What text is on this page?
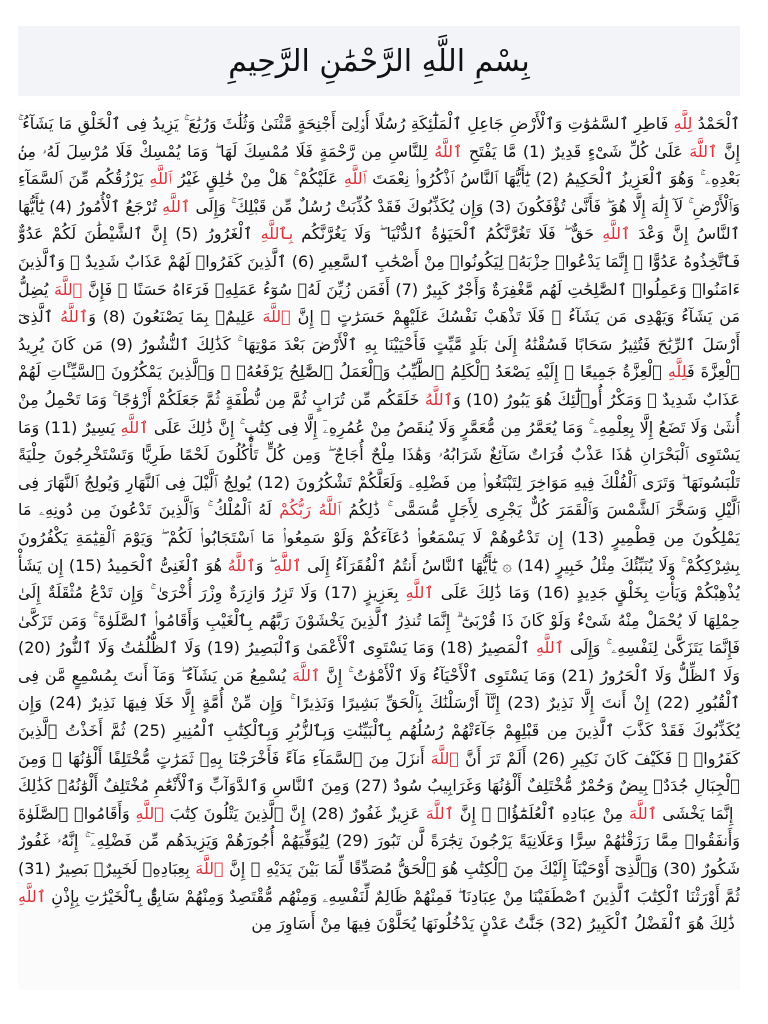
بِسْمِ اللَّهِ الرَّحْمَٰنِ الرَّحِيمِ
ٱلْحَمْدُ لِلَّهِ فَاطِرِ ٱلسَّمَٰوَٰتِ وَٱلْأَرْضِ جَاعِلِ ٱلْمَلَٰٓئِكَةِ رُسُلًا أُو۟لِىٓ أَجْنِحَةٍ مَّثْنَىٰ وَثُلَٰثَ وَرُبَٰعَ ۚ يَزِيدُ فِى ٱلْخَلْقِ مَا يَشَآءُ ۚ إِنَّ ٱللَّهَ عَلَىٰ كُلِّ شَىْءٍ قَدِيرٌ (1) مَّا يَفْتَحِ ٱللَّهُ لِلنَّاسِ مِن رَّحْمَةٍ فَلَا مُمْسِكَ لَهَا ۖ وَمَا يُمْسِكْ فَلَا مُرْسِلَ لَهُۥ مِنۢ بَعْدِهِۦ ۚ وَهُوَ ٱلْعَزِيزُ ٱلْحَكِيمُ (2) يَٰٓأَيُّهَا ٱلنَّاسُ ٱذْكُرُوا۟ نِعْمَتَ ٱللَّهِ عَلَيْكُمْ ۚ هَلْ مِنْ خَٰلِقٍ غَيْرُ ٱللَّهِ يَرْزُقُكُم مِّنَ ٱلسَّمَآءِ وَٱلْأَرْضِ ۚ لَآ إِلَٰهَ إِلَّا هُوَ ۖ فَأَنَّىٰ تُؤْفَكُونَ (3) وَإِن يُكَذِّبُوكَ فَقَدْ كُذِّبَتْ رُسُلٌ مِّن قَبْلِكَ ۚ وَإِلَى ٱللَّهِ تُرْجَعُ ٱلْأُمُورُ (4) يَٰٓأَيُّهَا ٱلنَّاسُ إِنَّ وَعْدَ ٱللَّهِ حَقٌّ ۖ فَلَا تَغُرَّنَّكُمُ ٱلْحَيَوٰةُ ٱلدُّنْيَا ۖ وَلَا يَغُرَّنَّكُم بِٱللَّهِ ٱلْغَرُورُ (5) إِنَّ ٱلشَّيْطَٰنَ لَكُمْ عَدُوٌّ فَٱتَّخِذُوهُ عَدُوًّا ۚ إِنَّمَا يَدْعُوا۟ حِزْبَهُۥ لِيَكُونُوا۟ مِنْ أَصْحَٰبِ ٱلسَّعِيرِ (6) ٱلَّذِينَ كَفَرُوا۟ لَهُمْ عَذَابٌ شَدِيدٌ ۖ وَٱلَّذِينَ ءَامَنُوا۟ وَعَمِلُوا۟ ٱلصَّٰلِحَٰتِ لَهُم مَّغْفِرَةٌ وَأَجْرٌ كَبِيرٌ (7) أَفَمَن زُيِّنَ لَهُۥ سُوٓءُ عَمَلِهِۦ فَرَءَاهُ حَسَنًا ۖ فَإِنَّ ٱللَّهَ يُضِلُّ مَن يَشَآءُ وَيَهْدِى مَن يَشَآءُ ۖ فَلَا تَذْهَبْ نَفْسُكَ عَلَيْهِمْ حَسَرَٰتٍ ۚ إِنَّ ٱللَّهَ عَلِيمٌۢ بِمَا يَصْنَعُونَ (8) وَٱللَّهُ ٱلَّذِىٓ أَرْسَلَ ٱلرِّيَٰحَ فَتُثِيرُ سَحَابًا فَسُقْنَٰهُ إِلَىٰ بَلَدٍ مَّيِّتٍ فَأَحْيَيْنَا بِهِ ٱلْأَرْضَ بَعْدَ مَوْتِهَا ۚ كَذَٰلِكَ ٱلنُّشُورُ (9) مَن كَانَ يُرِيدُ ٱلْعِزَّةَ فَلِلَّهِ ٱلْعِزَّةُ جَمِيعًا ۚ إِلَيْهِ يَصْعَدُ ٱلْكَلِمُ ٱلطَّيِّبُ وَٱلْعَمَلُ ٱلصَّٰلِحُ يَرْفَعُهُۥ ۚ وَٱلَّذِينَ يَمْكُرُونَ ٱلسَّيِّـَٔاتِ لَهُمْ عَذَابٌ شَدِيدٌ ۖ وَمَكْرُ أُو۟لَٰٓئِكَ هُوَ يَبُورُ (10) وَٱللَّهُ خَلَقَكُم مِّن تُرَابٍ ثُمَّ مِن نُّطْفَةٍ ثُمَّ جَعَلَكُمْ أَزْوَٰجًا ۚ وَمَا تَحْمِلُ مِنْ أُنثَىٰ وَلَا تَضَعُ إِلَّا بِعِلْمِهِۦ ۚ وَمَا يُعَمَّرُ مِن مُّعَمَّرٍ وَلَا يُنقَصُ مِنْ عُمُرِهِۦٓ إِلَّا فِى كِتَٰبٍ ۚ إِنَّ ذَٰلِكَ عَلَى ٱللَّهِ يَسِيرٌ (11) وَمَا يَسْتَوِى ٱلْبَحْرَانِ هَٰذَا عَذْبٌ فُرَاتٌ سَآئِغٌ شَرَابُهُۥ وَهَٰذَا مِلْحٌ أُجَاجٌ ۖ وَمِن كُلٍّ تَأْكُلُونَ لَحْمًا طَرِيًّا وَتَسْتَخْرِجُونَ حِلْيَةً تَلْبَسُونَهَا ۖ وَتَرَى ٱلْفُلْكَ فِيهِ مَوَاخِرَ لِتَبْتَغُوا۟ مِن فَضْلِهِۦ وَلَعَلَّكُمْ تَشْكُرُونَ (12) يُولِجُ ٱلَّيْلَ فِى ٱلنَّهَارِ وَيُولِجُ ٱلنَّهَارَ فِى ٱلَّيْلِ وَسَخَّرَ ٱلشَّمْسَ وَٱلْقَمَرَ كُلٌّ يَجْرِى لِأَجَلٍ مُّسَمًّى ۚ ذَٰلِكُمُ ٱللَّهُ رَبُّكُمْ لَهُ ٱلْمُلْكُ ۚ وَٱلَّذِينَ تَدْعُونَ مِن دُونِهِۦ مَا يَمْلِكُونَ مِن قِطْمِيرٍ (13) إِن تَدْعُوهُمْ لَا يَسْمَعُوا۟ دُعَآءَكُمْ وَلَوْ سَمِعُوا۟ مَا ٱسْتَجَابُوا۟ لَكُمْ ۖ وَيَوْمَ ٱلْقِيَٰمَةِ يَكْفُرُونَ بِشِرْكِكُمْ ۚ وَلَا يُنَبِّئُكَ مِثْلُ خَبِيرٍ (14) ۞ يَٰٓأَيُّهَا ٱلنَّاسُ أَنتُمُ ٱلْفُقَرَآءُ إِلَى ٱللَّهِ ۖ وَٱللَّهُ هُوَ ٱلْغَنِىُّ ٱلْحَمِيدُ (15) إِن يَشَأْ يُذْهِبْكُمْ وَيَأْتِ بِخَلْقٍ جَدِيدٍ (16) وَمَا ذَٰلِكَ عَلَى ٱللَّهِ بِعَزِيزٍ (17) وَلَا تَزِرُ وَازِرَةٌ وِزْرَ أُخْرَىٰ ۚ وَإِن تَدْعُ مُثْقَلَةٌ إِلَىٰ حِمْلِهَا لَا يُحْمَلْ مِنْهُ شَىْءٌ وَلَوْ كَانَ ذَا قُرْبَىٰٓ ۗ إِنَّمَا تُنذِرُ ٱلَّذِينَ يَخْشَوْنَ رَبَّهُم بِٱلْغَيْبِ وَأَقَامُوا۟ ٱلصَّلَوٰةَ ۚ وَمَن تَزَكَّىٰ فَإِنَّمَا يَتَزَكَّىٰ لِنَفْسِهِۦ ۚ وَإِلَى ٱللَّهِ ٱلْمَصِيرُ (18) وَمَا يَسْتَوِى ٱلْأَعْمَىٰ وَٱلْبَصِيرُ (19) وَلَا ٱلظُّلُمَٰتُ وَلَا ٱلنُّورُ (20) وَلَا ٱلظِّلُّ وَلَا ٱلْحَرُورُ (21) وَمَا يَسْتَوِى ٱلْأَحْيَآءُ وَلَا ٱلْأَمْوَٰتُ ۚ إِنَّ ٱللَّهَ يُسْمِعُ مَن يَشَآءُ ۖ وَمَآ أَنتَ بِمُسْمِعٍ مَّن فِى ٱلْقُبُورِ (22) إِنْ أَنتَ إِلَّا نَذِيرٌ (23) إِنَّآ أَرْسَلْنَٰكَ بِٱلْحَقِّ بَشِيرًا وَنَذِيرًا ۚ وَإِن مِّنْ أُمَّةٍ إِلَّا خَلَا فِيهَا نَذِيرٌ (24) وَإِن يُكَذِّبُوكَ فَقَدْ كَذَّبَ ٱلَّذِينَ مِن قَبْلِهِمْ جَآءَتْهُمْ رُسُلُهُم بِٱلْبَيِّنَٰتِ وَبِٱلزُّبُرِ وَبِٱلْكِتَٰبِ ٱلْمُنِيرِ (25) ثُمَّ أَخَذْتُ ٱلَّذِينَ كَفَرُوا۟ ۖ فَكَيْفَ كَانَ نَكِيرِ (26) أَلَمْ تَرَ أَنَّ ٱللَّهَ أَنزَلَ مِنَ ٱلسَّمَآءِ مَآءً فَأَخْرَجْنَا بِهِۦ ثَمَرَٰتٍ مُّخْتَلِفًا أَلْوَٰنُهَا ۚ وَمِنَ ٱلْجِبَالِ جُدَدٌۢ بِيضٌ وَحُمْرٌ مُّخْتَلِفٌ أَلْوَٰنُهَا وَغَرَابِيبُ سُودٌ (27) وَمِنَ ٱلنَّاسِ وَٱلدَّوَآبِّ وَٱلْأَنْعَٰمِ مُخْتَلِفٌ أَلْوَٰنُهُۥ كَذَٰلِكَ ۗ إِنَّمَا يَخْشَى ٱللَّهَ مِنْ عِبَادِهِ ٱلْعُلَمَٰٓؤُا۟ ۗ إِنَّ ٱللَّهَ عَزِيزٌ غَفُورٌ (28) إِنَّ ٱلَّذِينَ يَتْلُونَ كِتَٰبَ ٱللَّهِ وَأَقَامُوا۟ ٱلصَّلَوٰةَ وَأَنفَقُوا۟ مِمَّا رَزَقْنَٰهُمْ سِرًّا وَعَلَانِيَةً يَرْجُونَ تِجَٰرَةً لَّن تَبُورَ (29) لِيُوَفِّيَهُمْ أُجُورَهُمْ وَيَزِيدَهُم مِّن فَضْلِهِۦٓ ۚ إِنَّهُۥ غَفُورٌ شَكُورٌ (30) وَٱلَّذِىٓ أَوْحَيْنَآ إِلَيْكَ مِنَ ٱلْكِتَٰبِ هُوَ ٱلْحَقُّ مُصَدِّقًا لِّمَا بَيْنَ يَدَيْهِ ۗ إِنَّ ٱللَّهَ بِعِبَادِهِۦ لَخَبِيرٌۢ بَصِيرٌ (31) ثُمَّ أَوْرَثْنَا ٱلْكِتَٰبَ ٱلَّذِينَ ٱصْطَفَيْنَا مِنْ عِبَادِنَا ۖ فَمِنْهُمْ ظَالِمٌ لِّنَفْسِهِۦ وَمِنْهُم مُّقْتَصِدٌ وَمِنْهُمْ سَابِقٌۢ بِٱلْخَيْرَٰتِ بِإِذْنِ ٱللَّهِ ۚ ذَٰلِكَ هُوَ ٱلْفَضْلُ ٱلْكَبِيرُ (32) جَنَّٰتُ عَدْنٍ يَدْخُلُونَهَا يُحَلَّوْنَ فِيهَا مِنْ أَسَاوِرَ مِن
